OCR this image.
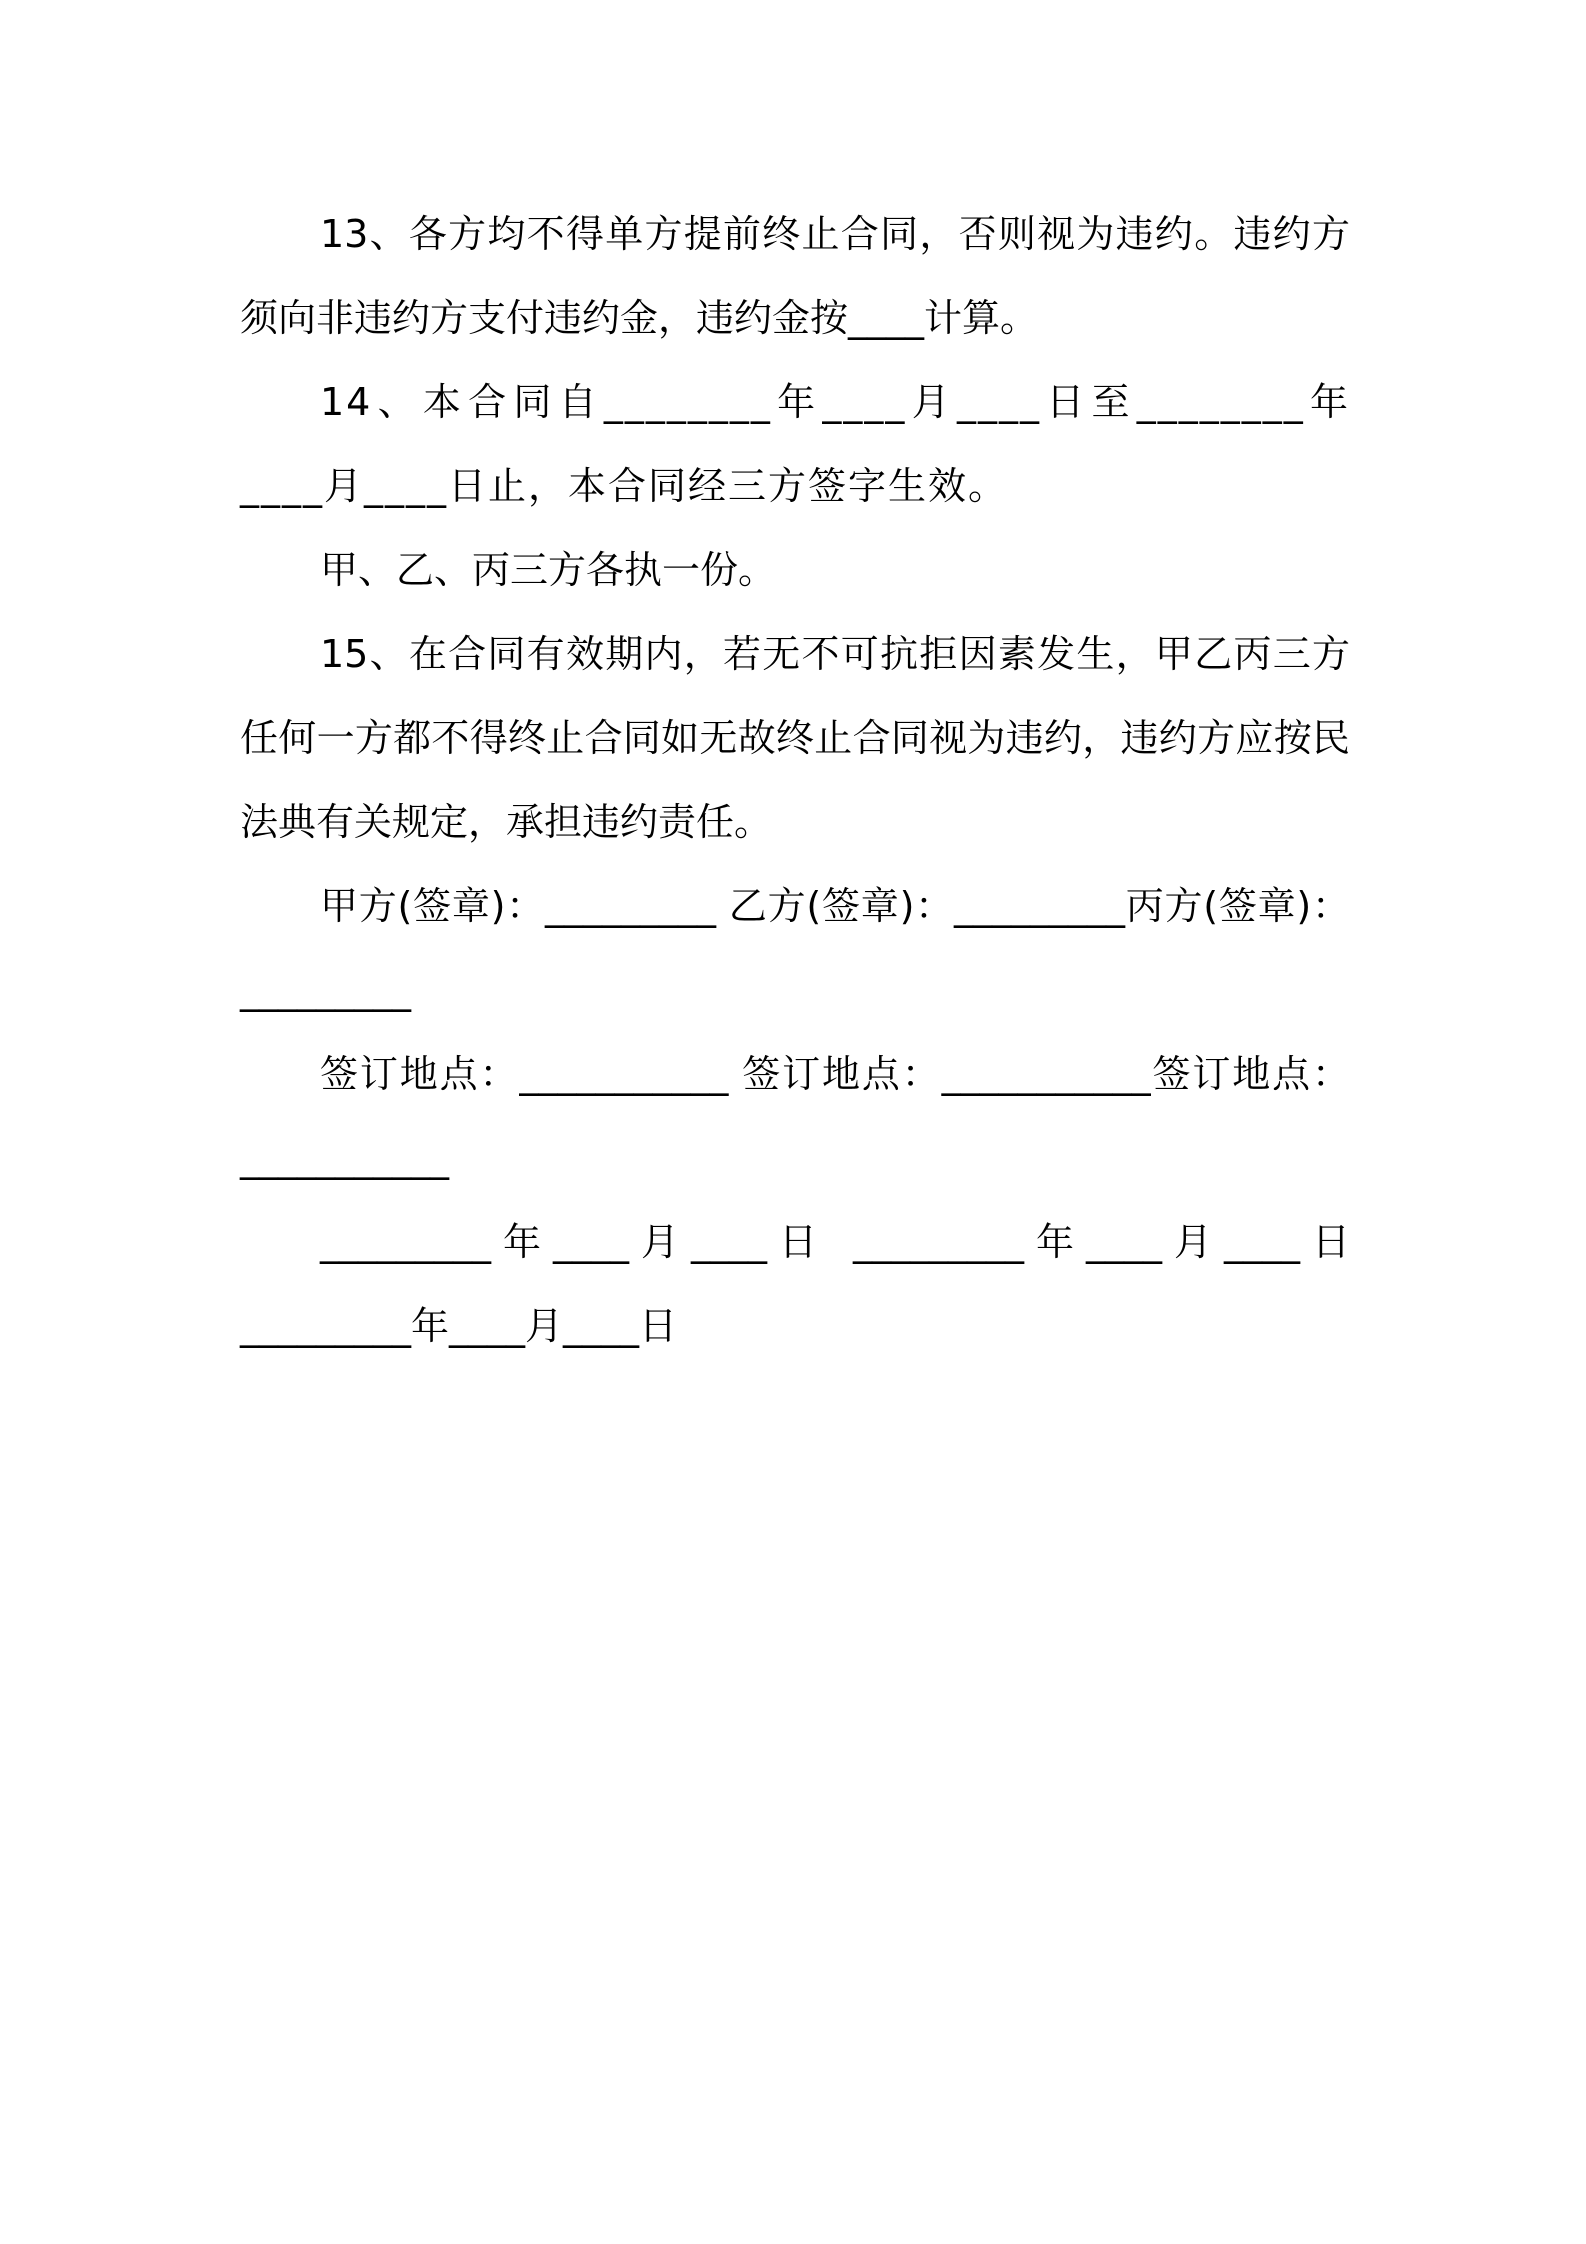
13、各方均不得单方提前终止合同，否则视为违约。违约方须向非违约方支付违约金，违约金按____计算。

14、本合同自________年____月____日至________年____月____日止，本合同经三方签字生效。

甲、乙、丙三方各执一份。

15、在合同有效期内，若无不可抗拒因素发生，甲乙丙三方任何一方都不得终止合同如无故终止合同视为违约，违约方应按民法典有关规定，承担违约责任。

甲方(签章)：_________ 乙方(签章)：_________丙方(签章)：_________

签订地点：___________ 签订地点：___________签订地点：___________

_________年____月____日 _________年____月____日 _________年____月____日
